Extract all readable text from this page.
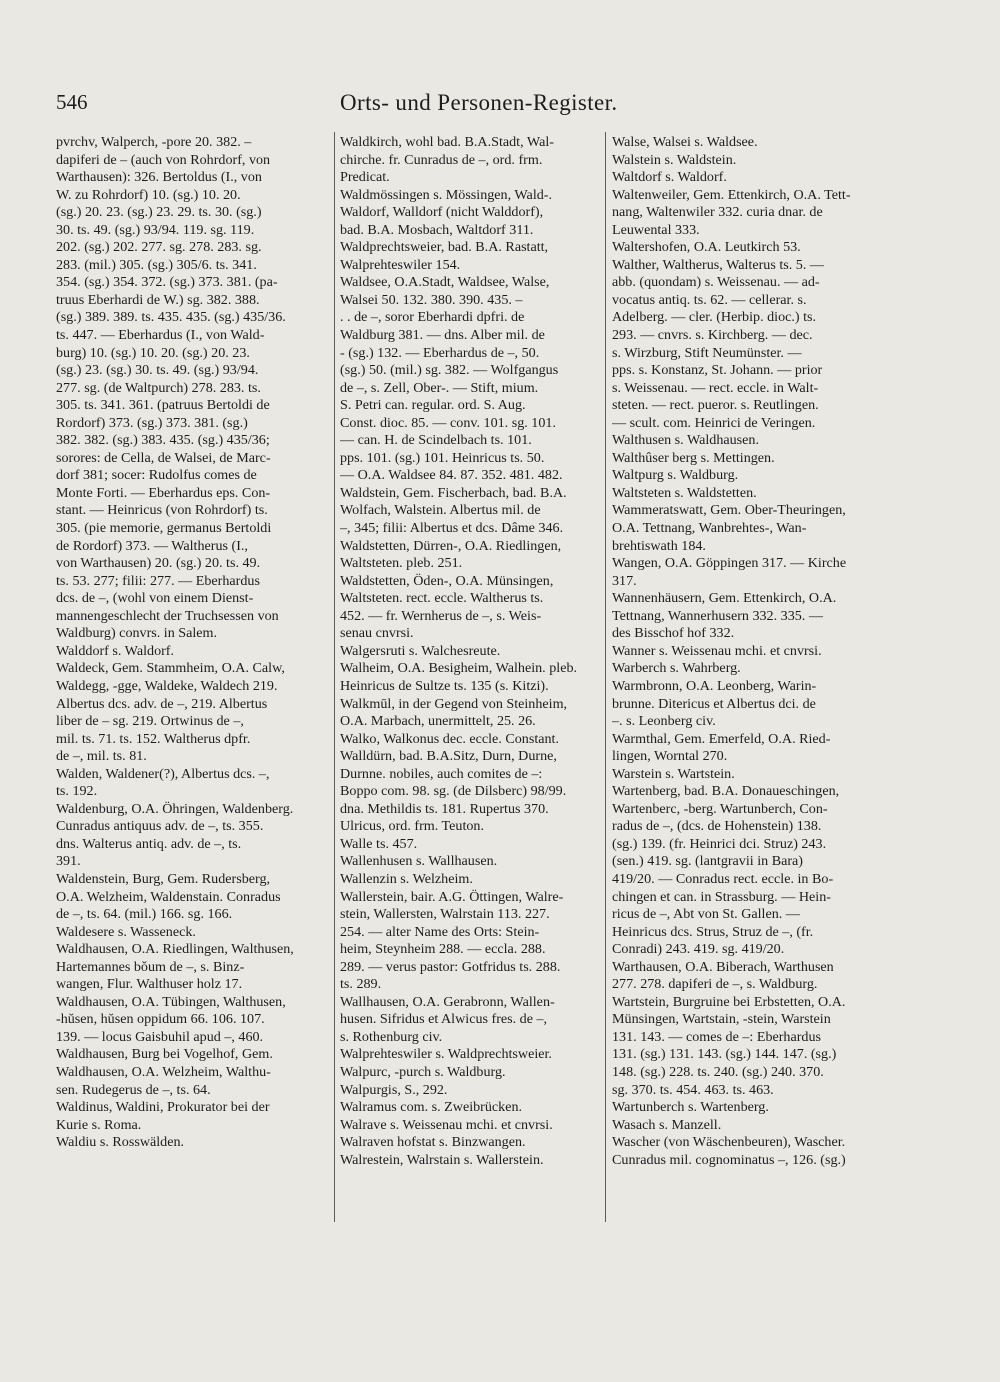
546	Orts- und Personen-Register.
pvrchv, Walperch, -pore 20. 382. –
dapiferi de – (auch von Rohrdorf, von
Warthausen): 326. Bertoldus (I., von
W. zu Rohrdorf) 10. (sg.) 10. 20.
(sg.) 20. 23. (sg.) 23. 29. ts. 30. (sg.)
30. ts. 49. (sg.) 93/94. 119. sg. 119.
202. (sg.) 202. 277. sg. 278. 283. sg.
283. (mil.) 305. (sg.) 305/6. ts. 341.
354. (sg.) 354. 372. (sg.) 373. 381. (pa-
truus Eberhardi de W.) sg. 382. 388.
(sg.) 389. 389. ts. 435. 435. (sg.) 435/36.
ts. 447. — Eberhardus (I., von Wald-
burg) 10. (sg.) 10. 20. (sg.) 20. 23.
(sg.) 23. (sg.) 30. ts. 49. (sg.) 93/94.
277. sg. (de Waltpurch) 278. 283. ts.
305. ts. 341. 361. (patruus Bertoldi de
Rordorf) 373. (sg.) 373. 381. (sg.)
382. 382. (sg.) 383. 435. (sg.) 435/36;
sorores: de Cella, de Walsei, de Marc-
dorf 381; socer: Rudolfus comes de
Monte Forti. — Eberhardus eps. Con-
stant. — Heinricus (von Rohrdorf) ts.
305. (pie memorie, germanus Bertoldi
de Rordorf) 373. — Waltherus (I.,
von Warthausen) 20. (sg.) 20. ts. 49.
ts. 53. 277; filii: 277. — Eberhardus
dcs. de –, (wohl von einem Dienst-
mannengeschlecht der Truchsessen von
Waldburg) convrs. in Salem.
Walddorf s. Waldorf.
Waldeck, Gem. Stammheim, O.A. Calw,
Waldegg, -gge, Waldeke, Waldech 219.
Albertus dcs. adv. de –, 219. Albertus
liber de – sg. 219. Ortwinus de –,
mil. ts. 71. ts. 152. Waltherus dpfr.
de –, mil. ts. 81.
Walden, Waldener(?), Albertus dcs. –,
ts. 192.
Waldenburg, O.A. Öhringen, Waldenberg.
Cunradus antiquus adv. de –, ts. 355.
dns. Walterus antiq. adv. de –, ts.
391.
Waldenstein, Burg, Gem. Rudersberg,
O.A. Welzheim, Waldenstain. Conradus
de –, ts. 64. (mil.) 166. sg. 166.
Waldesere s. Wasseneck.
Waldhausen, O.A. Riedlingen, Walthusen,
Hartemannes bǒum de –, s. Binz-
wangen, Flur. Walthuser holz 17.
Waldhausen, O.A. Tübingen, Walthusen,
-hŭsen, hŭsen oppidum 66. 106. 107.
139. — locus Gaisbuhil apud –, 460.
Waldhausen, Burg bei Vogelhof, Gem.
Waldhausen, O.A. Welzheim, Walthu-
sen. Rudegerus de –, ts. 64.
Waldinus, Waldini, Prokurator bei der
Kurie s. Roma.
Waldiu s. Rosswälden.
Waldkirch, wohl bad. B.A.Stadt, Wal-
chirche. fr. Cunradus de –, ord. frm.
Predicat.
Waldmössingen s. Mössingen, Wald-.
Waldorf, Walldorf (nicht Walddorf),
bad. B.A. Mosbach, Waltdorf 311.
Waldprechtsweier, bad. B.A. Rastatt,
Walprehteswiler 154.
Waldsee, O.A.Stadt, Waldsee, Walse,
Walsei 50. 132. 380. 390. 435. –
. . de –, soror Eberhardi dpfri. de
Waldburg 381. — dns. Alber mil. de
- (sg.) 132. — Eberhardus de –, 50.
(sg.) 50. (mil.) sg. 382. — Wolfgangus
de –, s. Zell, Ober-. — Stift, mium.
S. Petri can. regular. ord. S. Aug.
Const. dioc. 85. — conv. 101. sg. 101.
— can. H. de Scindelbach ts. 101.
pps. 101. (sg.) 101. Heinricus ts. 50.
— O.A. Waldsee 84. 87. 352. 481. 482.
Waldstein, Gem. Fischerbach, bad. B.A.
Wolfach, Walstein. Albertus mil. de
–, 345; filii: Albertus et dcs. Dâme 346.
Waldstetten, Dürren-, O.A. Riedlingen,
Waltsteten. pleb. 251.
Waldstetten, Öden-, O.A. Münsingen,
Waltsteten. rect. eccle. Waltherus ts.
452. — fr. Wernherus de –, s. Weis-
senau cnvrsi.
Walgersruti s. Walchesreute.
Walheim, O.A. Besigheim, Walhein. pleb.
Heinricus de Sultze ts. 135 (s. Kitzi).
Walkmūl, in der Gegend von Steinheim,
O.A. Marbach, unermittelt, 25. 26.
Walko, Walkonus dec. eccle. Constant.
Walldürn, bad. B.A.Sitz, Durn, Durne,
Durnne. nobiles, auch comites de –:
Boppo com. 98. sg. (de Dilsberc) 98/99.
dna. Methildis ts. 181. Rupertus 370.
Ulricus, ord. frm. Teuton.
Walle ts. 457.
Wallenhusen s. Wallhausen.
Wallenzin s. Welzheim.
Wallerstein, bair. A.G. Öttingen, Walre-
stein, Wallersten, Walrstain 113. 227.
254. — alter Name des Orts: Stein-
heim, Steynheim 288. — eccla. 288.
289. — verus pastor: Gotfridus ts. 288.
ts. 289.
Wallhausen, O.A. Gerabronn, Wallen-
husen. Sifridus et Alwicus fres. de –,
s. Rothenburg civ.
Walprehteswiler s. Waldprechtsweier.
Walpurc, -purch s. Waldburg.
Walpurgis, S., 292.
Walramus com. s. Zweibrücken.
Walrave s. Weissenau mchi. et cnvrsi.
Walraven hofstat s. Binzwangen.
Walrestein, Walrstain s. Wallerstein.
Walse, Walsei s. Waldsee.
Walstein s. Waldstein.
Waltdorf s. Waldorf.
Waltenweiler, Gem. Ettenkirch, O.A. Tett-
nang, Waltenwiler 332. curia dnar. de
Leuwental 333.
Waltershofen, O.A. Leutkirch 53.
Walther, Waltherus, Walterus ts. 5. —
abb. (quondam) s. Weissenau. — ad-
vocatus antiq. ts. 62. — cellerar. s.
Adelberg. — cler. (Herbip. dioc.) ts.
293. — cnvrs. s. Kirchberg. — dec.
s. Wirzburg, Stift Neumünster. —
pps. s. Konstanz, St. Johann. — prior
s. Weissenau. — rect. eccle. in Walt-
steten. — rect. pueror. s. Reutlingen.
— scult. com. Heinrici de Veringen.
Walthusen s. Waldhausen.
Walthûser berg s. Mettingen.
Waltpurg s. Waldburg.
Waltsteten s. Waldstetten.
Wammeratswatt, Gem. Ober-Theuringen,
O.A. Tettnang, Wanbrehtes-, Wan-
brehtiswath 184.
Wangen, O.A. Göppingen 317. — Kirche
317.
Wannenhäusern, Gem. Ettenkirch, O.A.
Tettnang, Wannerhusern 332. 335. —
des Bisschof hof 332.
Wanner s. Weissenau mchi. et cnvrsi.
Warberch s. Wahrberg.
Warmbronn, O.A. Leonberg, Warin-
brunne. Ditericus et Albertus dci. de
–. s. Leonberg civ.
Warmthal, Gem. Emerfeld, O.A. Ried-
lingen, Worntal 270.
Warstein s. Wartstein.
Wartenberg, bad. B.A. Donaueschingen,
Wartenberc, -berg. Wartunberch, Con-
radus de –, (dcs. de Hohenstein) 138.
(sg.) 139. (fr. Heinrici dci. Struz) 243.
(sen.) 419. sg. (lantgravii in Bara)
419/20. — Conradus rect. eccle. in Bo-
chingen et can. in Strassburg. — Hein-
ricus de –, Abt von St. Gallen. —
Heinricus dcs. Strus, Struz de –, (fr.
Conradi) 243. 419. sg. 419/20.
Warthausen, O.A. Biberach, Warthusen
277. 278. dapiferi de –, s. Waldburg.
Wartstein, Burgruine bei Erbstetten, O.A.
Münsingen, Wartstain, -stein, Warstein
131. 143. — comes de –: Eberhardus
131. (sg.) 131. 143. (sg.) 144. 147. (sg.)
148. (sg.) 228. ts. 240. (sg.) 240. 370.
sg. 370. ts. 454. 463. ts. 463.
Wartunberch s. Wartenberg.
Wasach s. Manzell.
Wascher (von Wäschenbeuren), Wascher.
Cunradus mil. cognominatus –, 126. (sg.)
